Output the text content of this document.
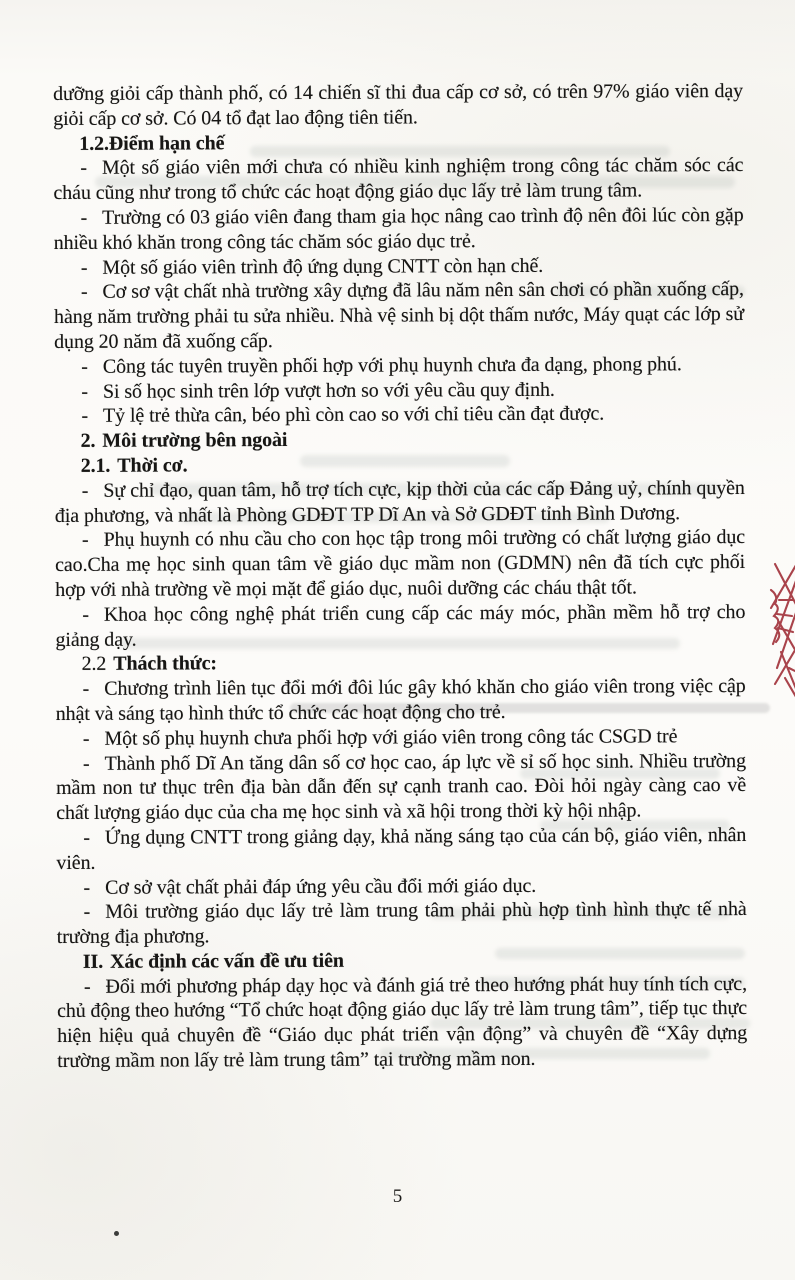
dưỡng giỏi cấp thành phố, có 14 chiến sĩ thi đua cấp cơ sở, có trên 97% giáo viên dạy giỏi cấp cơ sở. Có 04 tổ đạt lao động tiên tiến.

1.2.Điểm hạn chế

- Một số giáo viên mới chưa có nhiều kinh nghiệm trong công tác chăm sóc các cháu cũng như trong tổ chức các hoạt động giáo dục lấy trẻ làm trung tâm.

- Trường có 03 giáo viên đang tham gia học nâng cao trình độ nên đôi lúc còn gặp nhiều khó khăn trong công tác chăm sóc giáo dục trẻ.

- Một số giáo viên trình độ ứng dụng CNTT còn hạn chế.

- Cơ sơ vật chất nhà trường xây dựng đã lâu năm nên sân chơi có phần xuống cấp, hàng năm trường phải tu sửa nhiều. Nhà vệ sinh bị dột thấm nước, Máy quạt các lớp sử dụng 20 năm đã xuống cấp.

- Công tác tuyên truyền phối hợp với phụ huynh chưa đa dạng, phong phú.

- Si số học sinh trên lớp vượt hơn so với yêu cầu quy định.

- Tỷ lệ trẻ thừa cân, béo phì còn cao so với chỉ tiêu cần đạt được.

2. Môi trường bên ngoài

2.1. Thời cơ.

- Sự chỉ đạo, quan tâm, hỗ trợ tích cực, kịp thời của các cấp Đảng uỷ, chính quyền địa phương, và nhất là Phòng GDĐT TP Dĩ An và Sở GDĐT tỉnh Bình Dương.

- Phụ huynh có nhu cầu cho con học tập trong môi trường có chất lượng giáo dục cao.Cha mẹ học sinh quan tâm về giáo dục mầm non (GDMN) nên đã tích cực phối hợp với nhà trường về mọi mặt để giáo dục, nuôi dưỡng các cháu thật tốt.

- Khoa học công nghệ phát triển cung cấp các máy móc, phần mềm hỗ trợ cho giảng dạy.

2.2 Thách thức:

- Chương trình liên tục đổi mới đôi lúc gây khó khăn cho giáo viên trong việc cập nhật và sáng tạo hình thức tổ chức các hoạt động cho trẻ.

- Một số phụ huynh chưa phối hợp với giáo viên trong công tác CSGD trẻ

- Thành phố Dĩ An tăng dân số cơ học cao, áp lực về sỉ số học sinh. Nhiều trường mầm non tư thục trên địa bàn dẫn đến sự cạnh tranh cao. Đòi hỏi ngày càng cao về chất lượng giáo dục của cha mẹ học sinh và xã hội trong thời kỳ hội nhập.

- Ứng dụng CNTT trong giảng dạy, khả năng sáng tạo của cán bộ, giáo viên, nhân viên.

- Cơ sở vật chất phải đáp ứng yêu cầu đổi mới giáo dục.

- Môi trường giáo dục lấy trẻ làm trung tâm phải phù hợp tình hình thực tế nhà trường địa phương.

II. Xác định các vấn đề ưu tiên

- Đổi mới phương pháp dạy học và đánh giá trẻ theo hướng phát huy tính tích cực, chủ động theo hướng “Tổ chức hoạt động giáo dục lấy trẻ làm trung tâm”, tiếp tục thực hiện hiệu quả chuyên đề “Giáo dục phát triển vận động” và chuyên đề “Xây dựng trường mầm non lấy trẻ làm trung tâm” tại trường mầm non.

5
